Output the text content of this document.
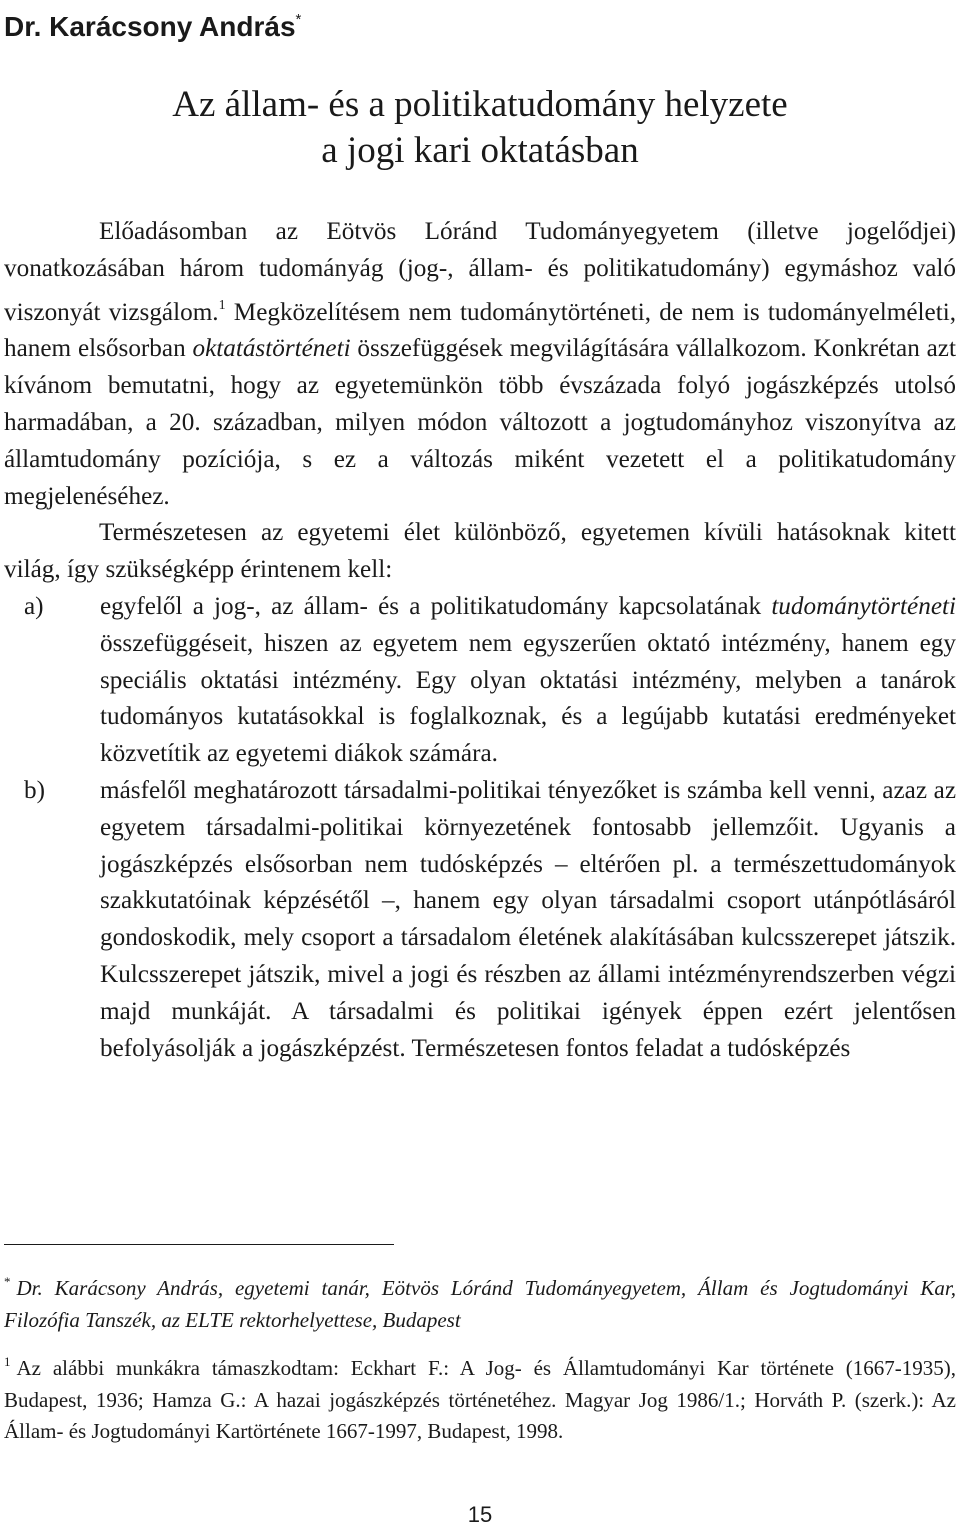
Dr. Karácsony András*
Az állam- és a politikatudomány helyzete
a jogi kari oktatásban

Előadásomban az Eötvös Lóránd Tudományegyetem (illetve jogelődjei) vonatkozásában három tudományág (jog-, állam- és politikatudomány) egymáshoz való viszonyát vizsgálom.$^1$ Megközelítésem nem tudománytörténeti, de nem is tudományelméleti, hanem elsősorban oktatástörténeti összefüggések megvilágítására vállalkozom. Konkrétan azt kívánom bemutatni, hogy az egyetemünkön több évszázada folyó jogászképzés utolsó harmadában, a 20. században, milyen módon változott a jogtudományhoz viszonyítva az államtudomány pozíciója, s ez a változás miként vezetett el a politikatudomány megjelenéséhez.

Természetesen az egyetemi élet különböző, egyetemen kívüli hatásoknak kitett világ, így szükségképp érintenem kell:

a) egyfelől a jog-, az állam- és a politikatudomány kapcsolatának tudománytörténeti összefüggéseit, hiszen az egyetem nem egyszerűen oktató intézmény, hanem egy speciális oktatási intézmény. Egy olyan oktatási intézmény, melyben a tanárok tudományos kutatásokkal is foglalkoznak, és a legújabb kutatási eredményeket közvetítik az egyetemi diákok számára.
b) másfelől meghatározott társadalmi-politikai tényezőket is számba kell venni, azaz az egyetem társadalmi-politikai környezetének fontosabb jellemzőit. Ugyanis a jogászképzés elsősorban nem tudósképzés – eltérően pl. a természettudományok szakkutatóinak képzésétől –, hanem egy olyan társadalmi csoport utánpótlásáról gondoskodik, mely csoport a társadalom életének alakításában kulcsszerepet játszik. Kulcsszerepet játszik, mivel a jogi és részben az állami intézményrendszerben végzi majd munkáját. A társadalmi és politikai igények éppen ezért jelentősen befolyásolják a jogászképzést. Természetesen fontos feladat a tudósképzés

* Dr. Karácsony András, egyetemi tanár, Eötvös Lóránd Tudományegyetem, Állam és Jogtudományi Kar, Filozófia Tanszék, az ELTE rektorhelyettese, Budapest

$^1$ Az alábbi munkákra támaszkodtam: Eckhart F.: A Jog- és Államtudományi Kar története (1667-1935), Budapest, 1936; Hamza G.: A hazai jogászképzés történetéhez. Magyar Jog 1986/1.; Horváth P. (szerk.): Az Állam- és Jogtudományi Kartörténete 1667-1997, Budapest, 1998.

15
